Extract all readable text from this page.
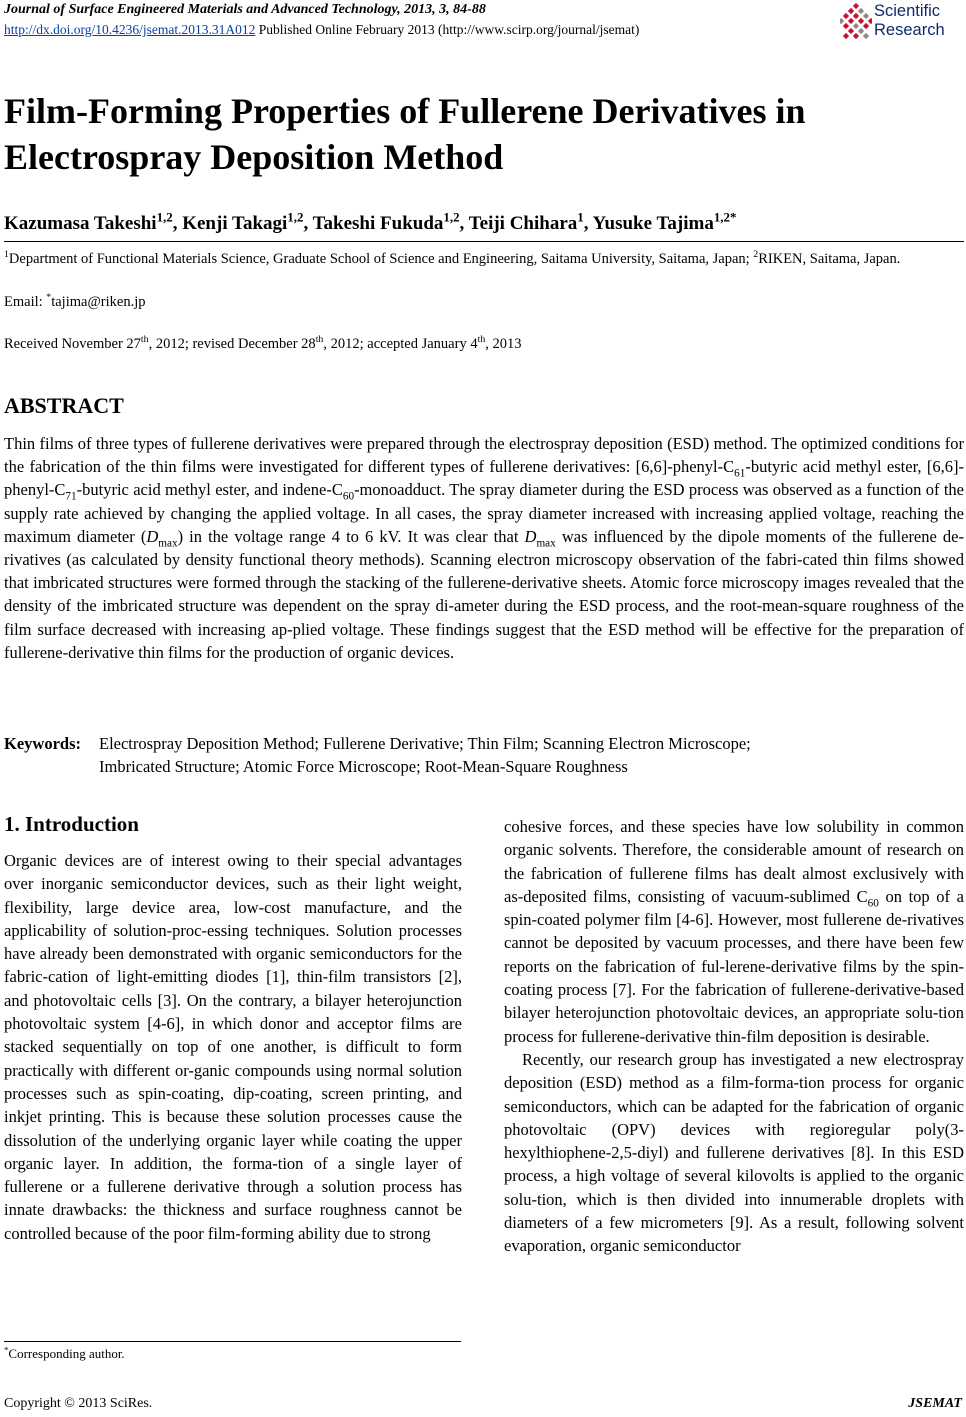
Journal of Surface Engineered Materials and Advanced Technology, 2013, 3, 84-88
http://dx.doi.org/10.4236/jsemat.2013.31A012 Published Online February 2013 (http://www.scirp.org/journal/jsemat)
Scientific
Research
Film-Forming Properties of Fullerene Derivatives in Electrospray Deposition Method
Kazumasa Takeshi$^{1,2}$, Kenji Takagi$^{1,2}$, Takeshi Fukuda$^{1,2}$, Teiji Chihara$^1$, Yusuke Tajima$^{1,2*}$
$^1$Department of Functional Materials Science, Graduate School of Science and Engineering, Saitama University, Saitama, Japan; $^2$RIKEN, Saitama, Japan.
Email: *tajima@riken.jp
Received November 27th, 2012; revised December 28th, 2012; accepted January 4th, 2013
ABSTRACT
Thin films of three types of fullerene derivatives were prepared through the electrospray deposition (ESD) method. The optimized conditions for the fabrication of the thin films were investigated for different types of fullerene derivatives: $[6,6]-phenyl-C_{61}$-butyric acid methyl ester, $[6,6]-phenyl-C_{71}$-butyric acid methyl ester, and indene-$C_{60}$-monoadduct. The spray diameter during the ESD process was observed as a function of the supply rate achieved by changing the applied voltage. In all cases, the spray diameter increased with increasing applied voltage, reaching the maximum diameter $(D_{max})$ in the voltage range 4 to 6 kV. It was clear that $D_{max}$ was influenced by the dipole moments of the fullerene de-rivatives (as calculated by density functional theory methods). Scanning electron microscopy observation of the fabri-cated thin films showed that imbricated structures were formed through the stacking of the fullerene-derivative sheets. Atomic force microscopy images revealed that the density of the imbricated structure was dependent on the spray di-ameter during the ESD process, and the root-mean-square roughness of the film surface decreased with increasing ap-plied voltage. These findings suggest that the ESD method will be effective for the preparation of fullerene-derivative thin films for the production of organic devices.
Keywords: Electrospray Deposition Method; Fullerene Derivative; Thin Film; Scanning Electron Microscope;
Imbricated Structure; Atomic Force Microscope; Root-Mean-Square Roughness
1. Introduction

Organic devices are of interest owing to their special advantages over inorganic semiconductor devices, such as their light weight, flexibility, large device area, low-cost manufacture, and the applicability of solution-proc-essing techniques. Solution processes have already been demonstrated with organic semiconductors for the fabric-cation of light-emitting diodes [1], thin-film transistors [2], and photovoltaic cells [3]. On the contrary, a bilayer heterojunction photovoltaic system [4-6], in which donor and acceptor films are stacked sequentially on top of one another, is difficult to form practically with different or-ganic compounds using normal solution processes such as spin-coating, dip-coating, screen printing, and inkjet printing. This is because these solution processes cause the dissolution of the underlying organic layer while coating the upper organic layer. In addition, the forma-tion of a single layer of fullerene or a fullerene derivative through a solution process has innate drawbacks: the thickness and surface roughness cannot be controlled because of the poor film-forming ability due to strong

cohesive forces, and these species have low solubility in common organic solvents. Therefore, the considerable amount of research on the fabrication of fullerene films has dealt almost exclusively with as-deposited films, consisting of vacuum-sublimed $C_{60}$ on top of a spin-coated polymer film [4-6]. However, most fullerene de-rivatives cannot be deposited by vacuum processes, and there have been few reports on the fabrication of ful-lerene-derivative films by the spin-coating process [7]. For the fabrication of fullerene-derivative-based bilayer heterojunction photovoltaic devices, an appropriate solu-tion process for fullerene-derivative thin-film deposition is desirable.

Recently, our research group has investigated a new electrospray deposition (ESD) method as a film-forma-tion process for organic semiconductors, which can be adapted for the fabrication of organic photovoltaic (OPV) devices with regioregular poly(3-hexylthiophene-2,5-diyl) and fullerene derivatives [8]. In this ESD process, a high voltage of several kilovolts is applied to the organic solu-tion, which is then divided into innumerable droplets with diameters of a few micrometers [9]. As a result, following solvent evaporation, organic semiconductor

*Corresponding author.
Copyright © 2013 SciRes.	JSEMAT
